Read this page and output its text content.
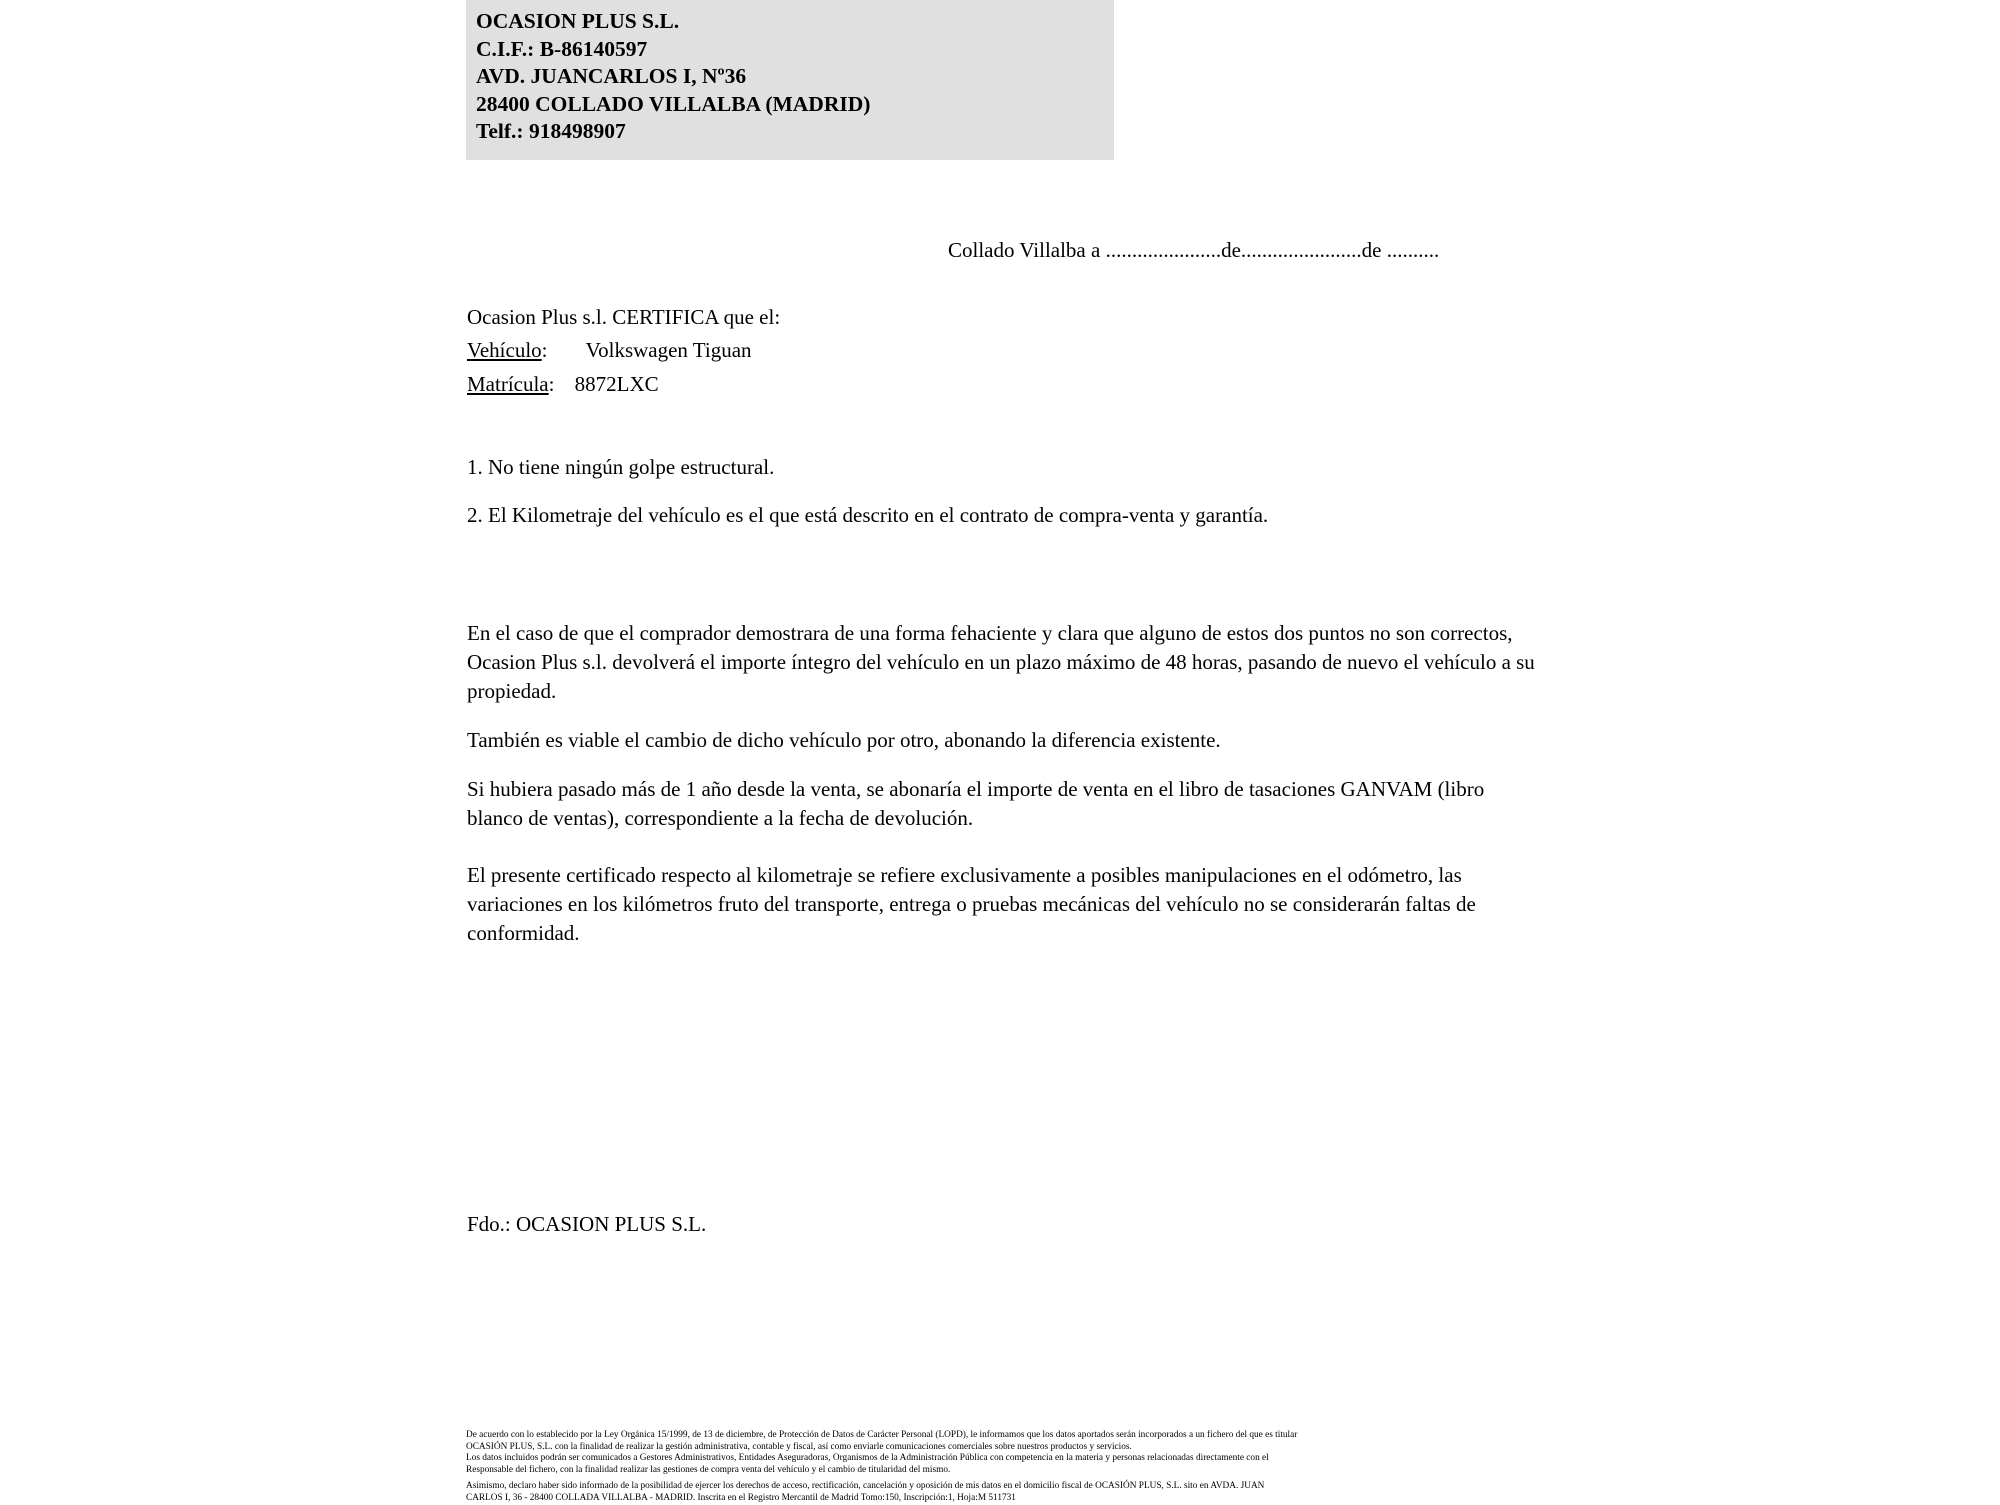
OCASION PLUS S.L.
C.I.F.: B-86140597
AVD. JUANCARLOS I, Nº36
28400 COLLADO VILLALBA (MADRID)
Telf.: 918498907
Collado Villalba a ......................de.......................de ..........
Ocasion Plus s.l. CERTIFICA que el:
Vehículo: Volkswagen Tiguan
Matrícula: 8872LXC
1. No tiene ningún golpe estructural.
2. El Kilometraje del vehículo es el que está descrito en el contrato de compra-venta y garantía.
En el caso de que el comprador demostrara de una forma fehaciente y clara que alguno de estos dos puntos no son correctos, Ocasion Plus s.l. devolverá el importe íntegro del vehículo en un plazo máximo de 48 horas, pasando de nuevo el vehículo a su propiedad.
También es viable el cambio de dicho vehículo por otro, abonando la diferencia existente.
Si hubiera pasado más de 1 año desde la venta, se abonaría el importe de venta en el libro de tasaciones GANVAM (libro blanco de ventas), correspondiente a la fecha de devolución.
El presente certificado respecto al kilometraje se refiere exclusivamente a posibles manipulaciones en el odómetro, las variaciones en los kilómetros fruto del transporte, entrega o pruebas mecánicas del vehículo no se considerarán faltas de conformidad.
Fdo.: OCASION PLUS S.L.

De acuerdo con lo establecido por la Ley Orgánica 15/1999, de 13 de diciembre, de Protección de Datos de Carácter Personal (LOPD), le informamos que los datos aportados serán incorporados a un fichero del que es titular

OCASIÓN PLUS, S.L. con la finalidad de realizar la gestión administrativa, contable y fiscal, así como enviarle comunicaciones comerciales sobre nuestros productos y servicios.

Los datos incluidos podrán ser comunicados a Gestores Administrativos, Entidades Aseguradoras, Organismos de la Administración Pública con competencia en la materia y personas relacionadas directamente con el

Responsable del fichero, con la finalidad realizar las gestiones de compra venta del vehículo y el cambio de titularidad del mismo.

Asimismo, declaro haber sido informado de la posibilidad de ejercer los derechos de acceso, rectificación, cancelación y oposición de mis datos en el domicilio fiscal de OCASIÓN PLUS, S.L. sito en AVDA. JUAN

CARLOS I, 36 - 28400 COLLADA VILLALBA - MADRID. Inscrita en el Registro Mercantil de Madrid Tomo:150, Inscripción:1, Hoja:M 511731
